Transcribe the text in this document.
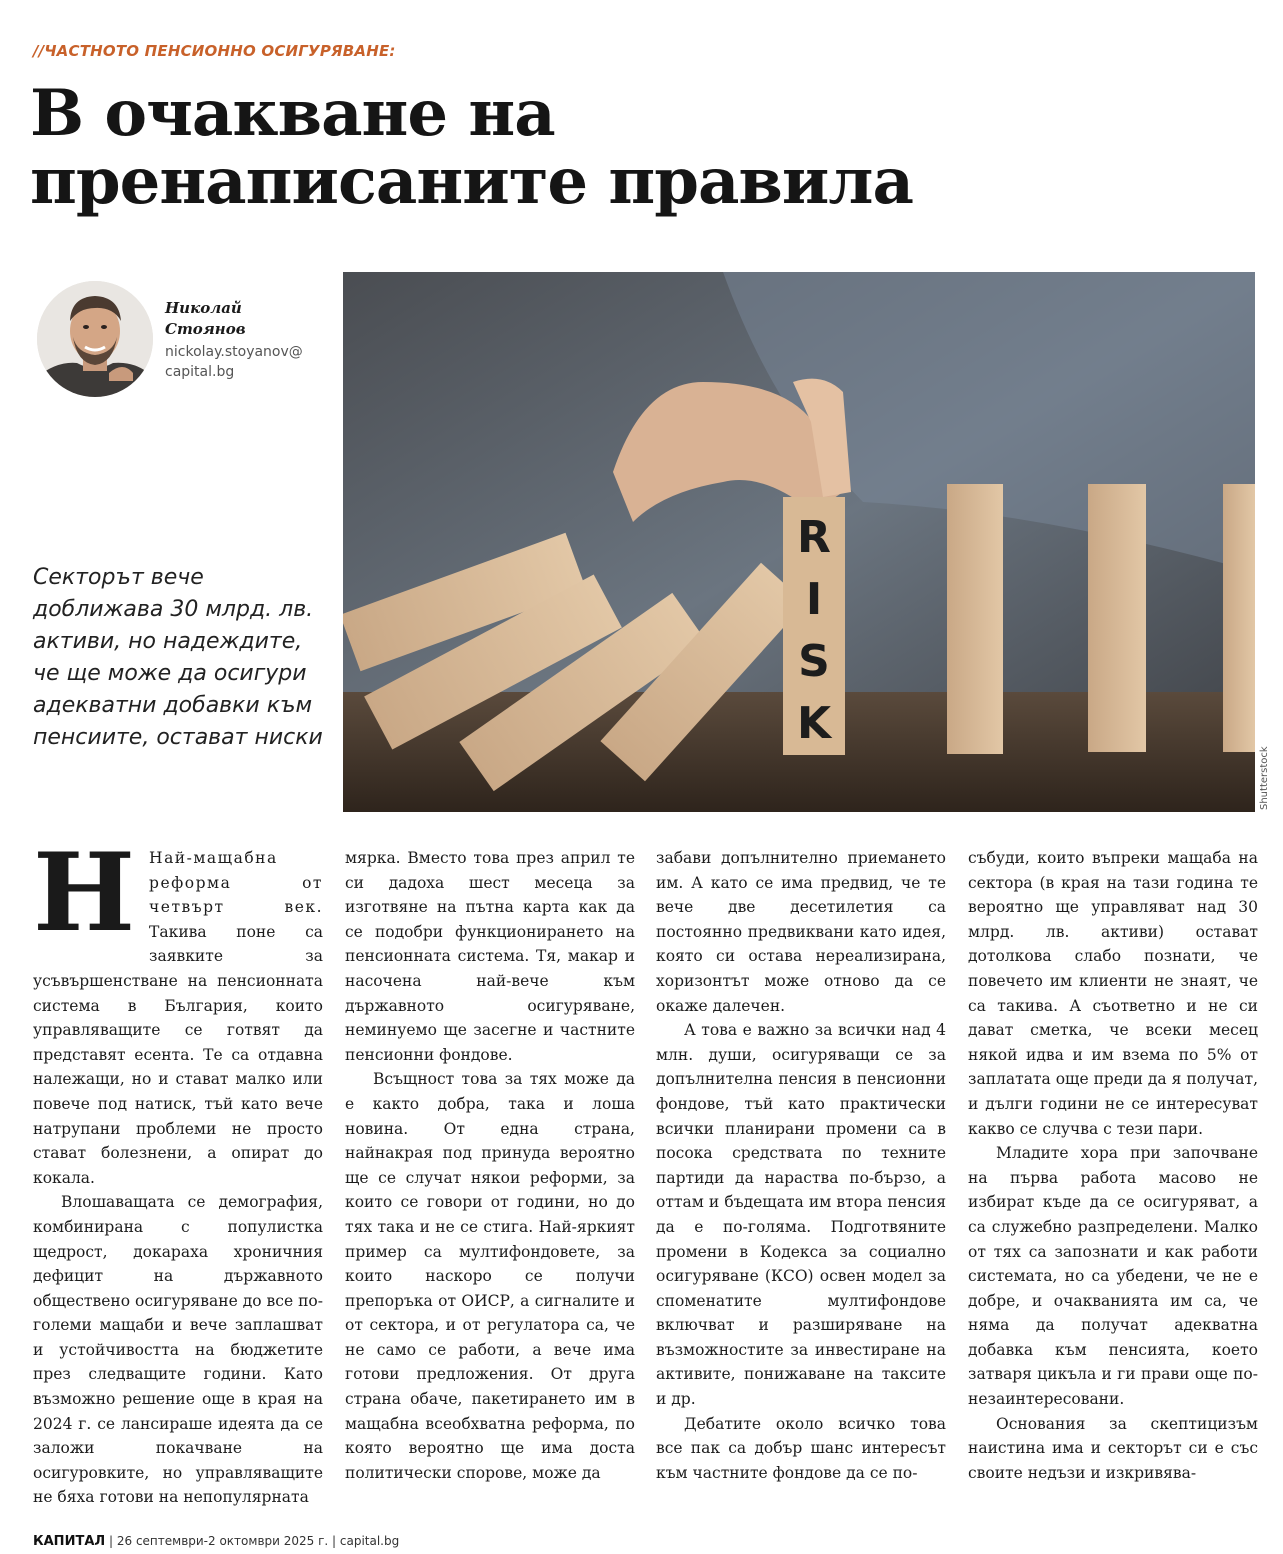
//ЧАСТНОТО ПЕНСИОННО ОСИГУРЯВАНЕ:
В очакване на
пренаписаните правила
Николай
Стоянов
nickolay.stoyanov@
capital.bg

Секторът вече доближава 30 млрд. лв. активи, но надеждите, че ще може да осигури адекватни добавки към пенсиите, остават ниски

R
I
S
K
Shutterstock

Н Най-мащабна реформа от четвърт век. Такива поне са заявките за усъвършенстване на пенсионната система в България, които управляващите се готвят да представят есента. Те са отдавна належащи, но и стават малко или повече под натиск, тъй като вече натрупани проблеми не просто стават болезнени, а опират до кокала.

Влошаващата се демография, комбинирана с популистка щедрост, докараха хроничния дефицит на държавното обществено осигуряване до все по-големи мащаби и вече заплашват и устойчивостта на бюджетите през следващите години. Като възможно решение още в края на 2024 г. се лансираше идеята да се заложи покачване на осигуровките, но управляващите не бяха готови на непопулярната

мярка. Вместо това през април те си дадоха шест месеца за изготвяне на пътна карта как да се подобри функционирането на пенсионната система. Тя, макар и насочена най-вече към държавното осигуряване, неминуемо ще засегне и частните пенсионни фондове.

Всъщност това за тях може да е както добра, така и лоша новина. От една страна, найнакрая под принуда вероятно ще се случат някои реформи, за които се говори от години, но до тях така и не се стига. Най-яркият пример са мултифондовете, за които наскоро се получи препоръка от ОИСР, а сигналите и от сектора, и от регулатора са, че не само се работи, а вече има готови предложения. От друга страна обаче, пакетирането им в мащабна всеобхватна реформа, по която вероятно ще има доста политически спорове, може да

забави допълнително приемането им. А като се има предвид, че те вече две десетилетия са постоянно предвиквани като идея, която си остава нереализирана, хоризонтът може отново да се окаже далечен.

А това е важно за всички над 4 млн. души, осигуряващи се за допълнителна пенсия в пенсионни фондове, тъй като практически всички планирани промени са в посока средствата по техните партиди да нараства по-бързо, а оттам и бъдещата им втора пенсия да е по-голяма. Подготвяните промени в Кодекса за социално осигуряване (КСО) освен модел за споменатите мултифондове включват и разширяване на възможностите за инвестиране на активите, понижаване на таксите и др.

Дебатите около всичко това все пак са добър шанс интересът към частните фондове да се по-

събуди, които въпреки мащаба на сектора (в края на тази година те вероятно ще управляват над 30 млрд. лв. активи) остават дотолкова слабо познати, че повечето им клиенти не знаят, че са такива. А съответно и не си дават сметка, че всеки месец някой идва и им взема по 5% от заплатата още преди да я получат, и дълги години не се интересуват какво се случва с тези пари.

Младите хора при започване на първа работа масово не избират къде да се осигуряват, а са служебно разпределени. Малко от тях са запознати и как работи системата, но са убедени, че не е добре, и очакванията им са, че няма да получат адекватна добавка към пенсията, което затваря цикъла и ги прави още по-незаинтересовани.

Основания за скептицизъм наистина има и секторът си е със своите недъзи и изкривява-

КАПИТАЛ | 26 септември-2 октомври 2025 г. | capital.bg
